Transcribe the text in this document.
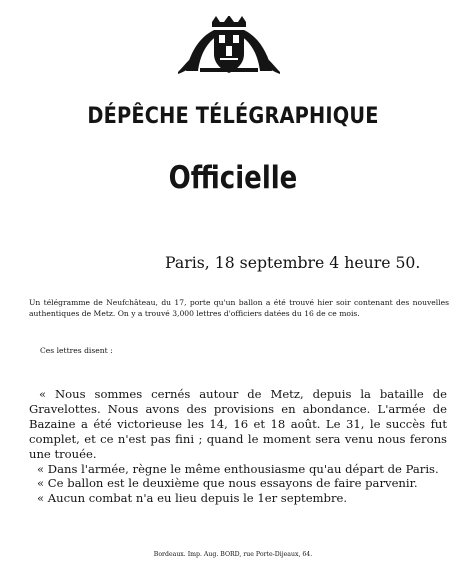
DÉPÊCHE TÉLÉGRAPHIQUE
Officielle
Paris, 18 septembre 4 heure 50.

Un télégramme de Neufchâteau, du 17, porte qu'un ballon a été trouvé hier soir contenant des nouvelles authentiques de Metz. On y a trouvé 3,000 lettres d'officiers datées du 16 de ce mois.

Ces lettres disent :

« Nous sommes cernés autour de Metz, depuis la bataille de Gravelottes. Nous avons des provisions en abondance. L'armée de Bazaine a été victorieuse les 14, 16 et 18 août. Le 31, le succès fut complet, et ce n'est pas fini ; quand le moment sera venu nous ferons une trouée.

« Dans l'armée, règne le même enthousiasme qu'au départ de Paris.

« Ce ballon est le deuxième que nous essayons de faire parvenir.

« Aucun combat n'a eu lieu depuis le 1er septembre.

Bordeaux. Imp. Aug. BORD, rue Porte-Dijeaux, 64.
